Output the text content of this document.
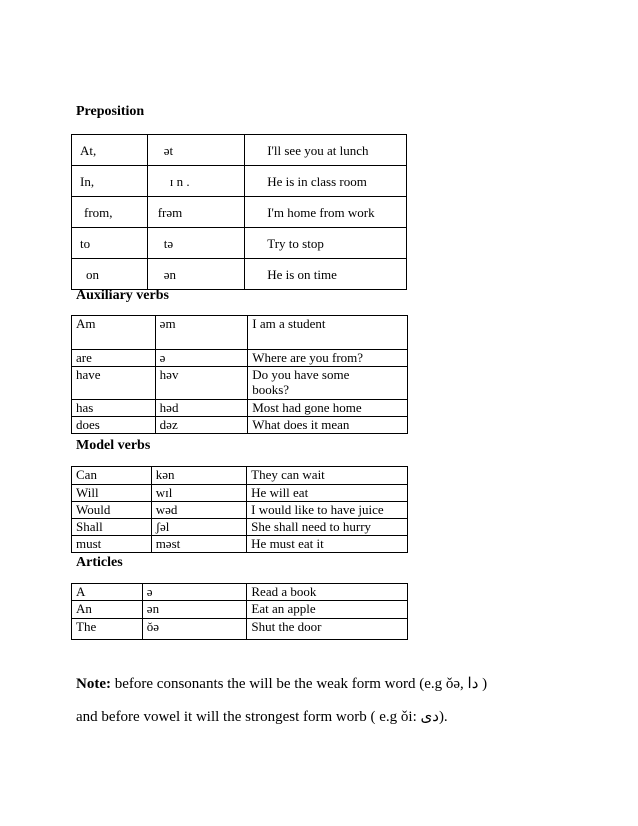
Preposition
At,	ət	I'll see you at lunch
In,	ɪ n .	He is in class room
from,	frəm	I'm home from work
to	tə	Try to stop
on	ən	He is on time
Auxiliary verbs
Am	əm	I am a student
are	ə	Where are you from?
have	həv	Do you have some
books?

has	həd	Most had gone home
does	dəz	What does it mean
Model verbs
Can	kən	They can wait
Will	wɪl	He will eat
Would	wəd	I would like to have juice
Shall	ʃəl	She shall need to hurry
must	məst	He must eat it
Articles
A	ə	Read a book
An	ən	Eat an apple
The	ǒə	Shut the door
Note: before consonants the will be the weak form word (e.g ǒə, دا )
and before vowel it will the strongest form worb ( e.g ǒi: دی).
